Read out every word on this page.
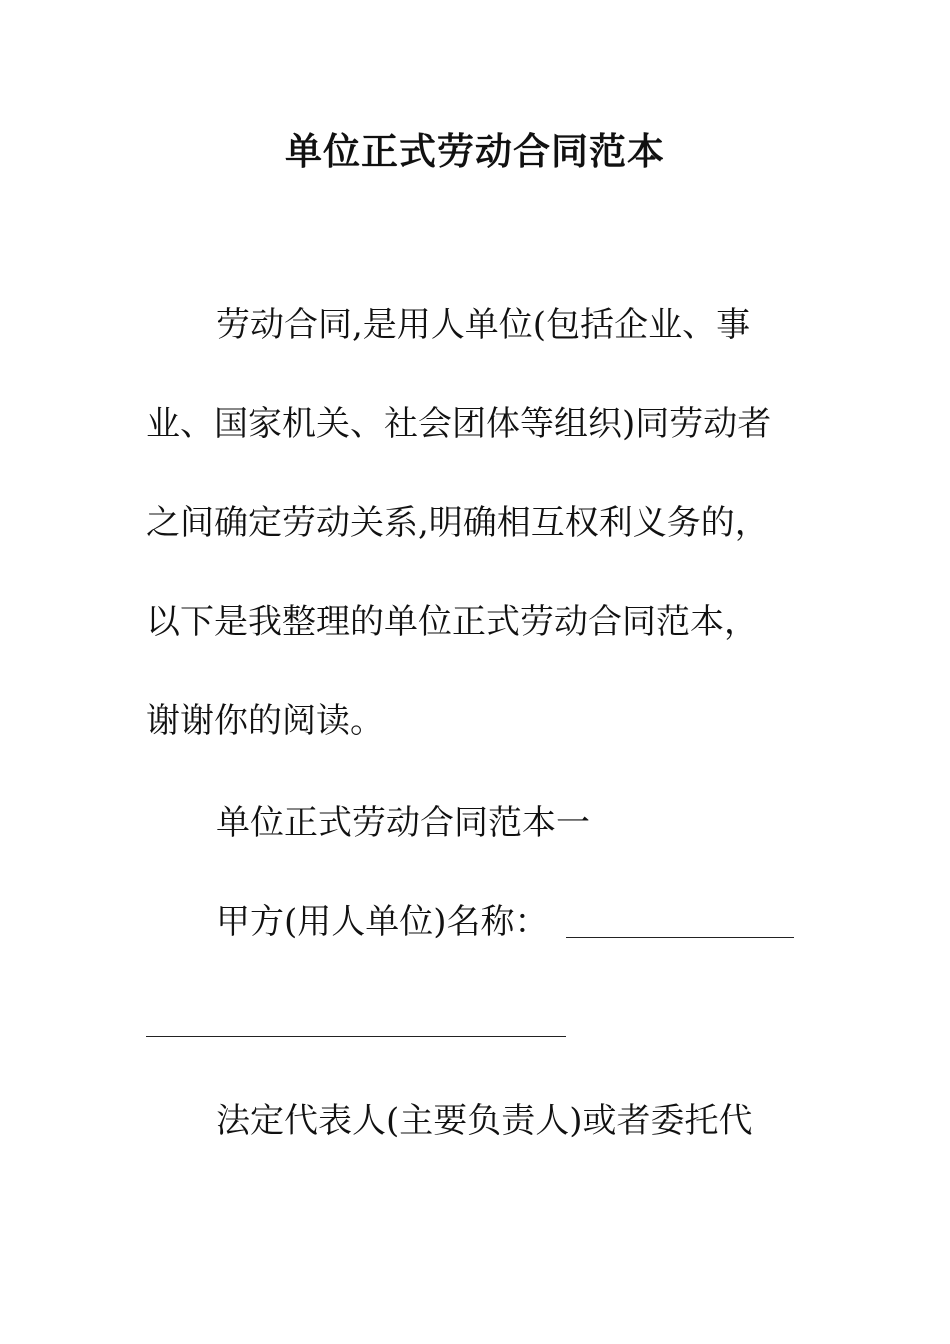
单位正式劳动合同范本
劳动合同,是用人单位(包括企业、事
业、国家机关、社会团体等组织)同劳动者
之间确定劳动关系,明确相互权利义务的，
以下是我整理的单位正式劳动合同范本，
谢谢你的阅读。
单位正式劳动合同范本一
甲方(用人单位)名称：
法定代表人(主要负责人)或者委托代
